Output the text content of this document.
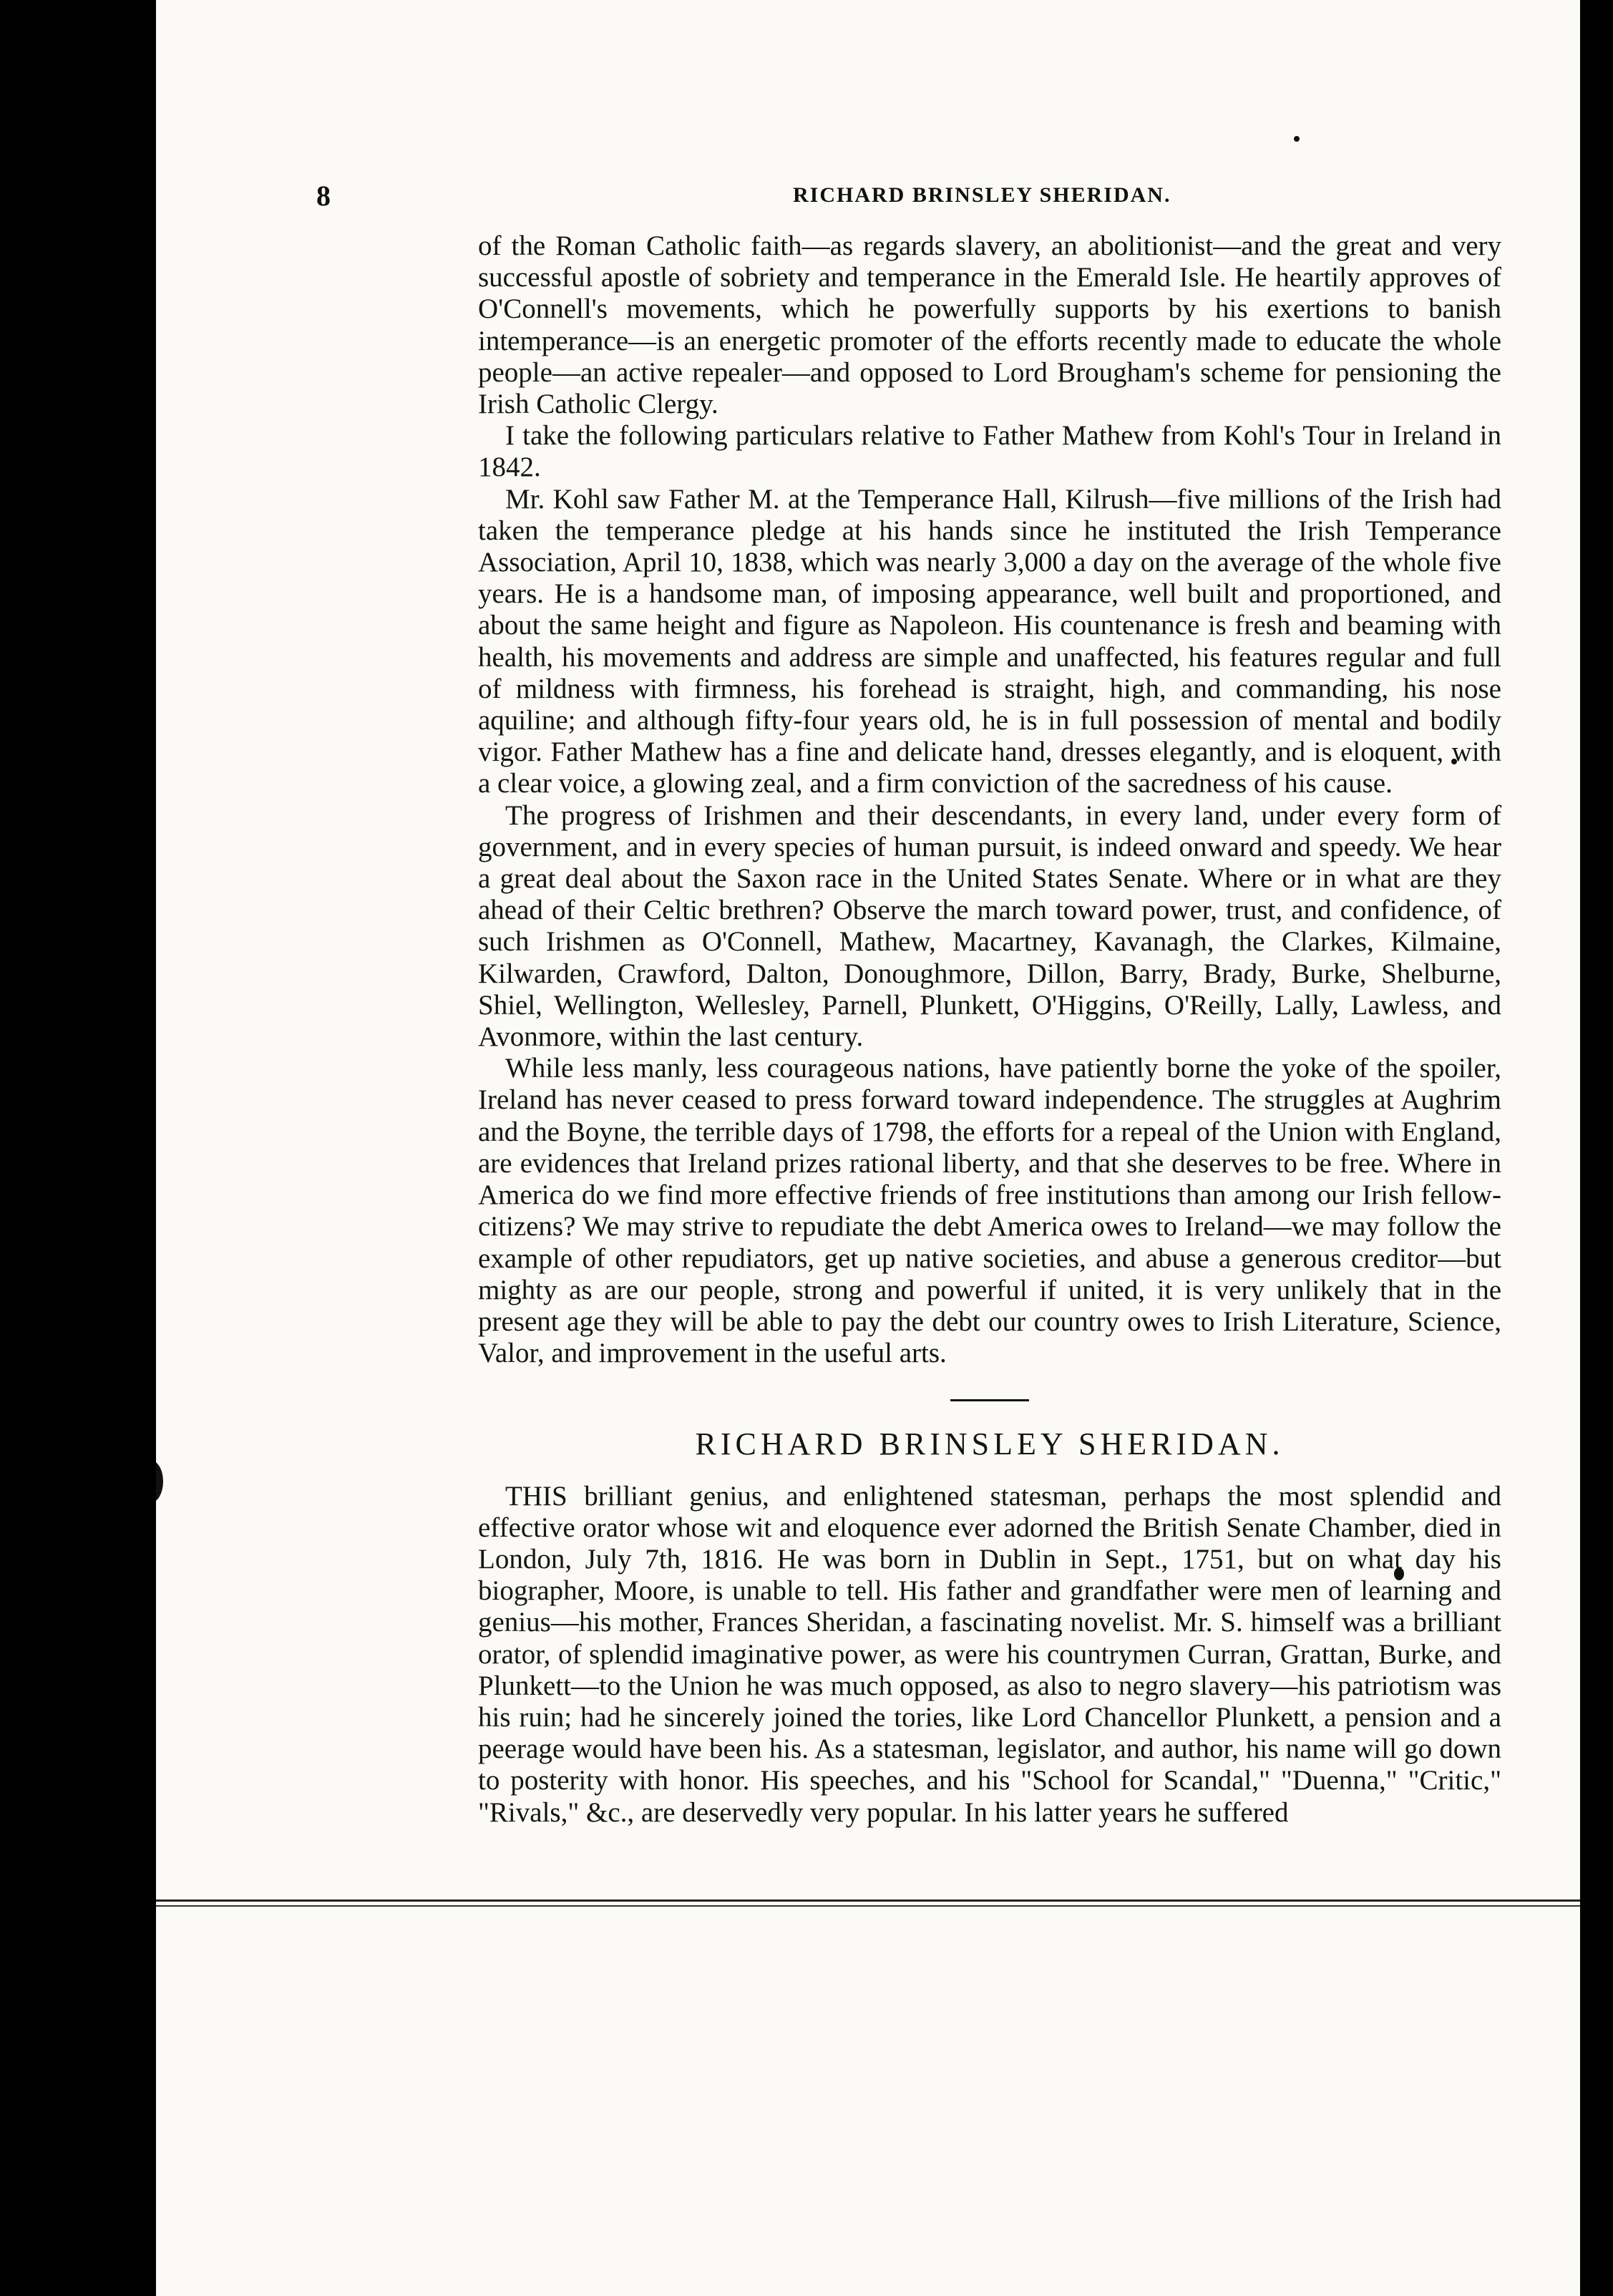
8	RICHARD BRINSLEY SHERIDAN.

of the Roman Catholic faith—as regards slavery, an abolitionist—and the great and very successful apostle of sobriety and temperance in the Emerald Isle. He heartily approves of O'Connell's movements, which he powerfully supports by his exertions to banish intemperance—is an energetic promoter of the efforts recently made to educate the whole people—an active repealer—and opposed to Lord Brougham's scheme for pensioning the Irish Catholic Clergy.

I take the following particulars relative to Father Mathew from Kohl's Tour in Ireland in 1842.

Mr. Kohl saw Father M. at the Temperance Hall, Kilrush—five millions of the Irish had taken the temperance pledge at his hands since he instituted the Irish Temperance Association, April 10, 1838, which was nearly 3,000 a day on the average of the whole five years. He is a handsome man, of imposing appearance, well built and proportioned, and about the same height and figure as Napoleon. His countenance is fresh and beaming with health, his movements and address are simple and unaffected, his features regular and full of mildness with firmness, his forehead is straight, high, and commanding, his nose aquiline; and although fifty-four years old, he is in full possession of mental and bodily vigor. Father Mathew has a fine and delicate hand, dresses elegantly, and is eloquent, with a clear voice, a glowing zeal, and a firm conviction of the sacredness of his cause.

The progress of Irishmen and their descendants, in every land, under every form of government, and in every species of human pursuit, is indeed onward and speedy. We hear a great deal about the Saxon race in the United States Senate. Where or in what are they ahead of their Celtic brethren? Observe the march toward power, trust, and confidence, of such Irishmen as O'Connell, Mathew, Macartney, Kavanagh, the Clarkes, Kilmaine, Kilwarden, Crawford, Dalton, Donoughmore, Dillon, Barry, Brady, Burke, Shelburne, Shiel, Wellington, Wellesley, Parnell, Plunkett, O'Higgins, O'Reilly, Lally, Lawless, and Avonmore, within the last century.

While less manly, less courageous nations, have patiently borne the yoke of the spoiler, Ireland has never ceased to press forward toward independence. The struggles at Aughrim and the Boyne, the terrible days of 1798, the efforts for a repeal of the Union with England, are evidences that Ireland prizes rational liberty, and that she deserves to be free. Where in America do we find more effective friends of free institutions than among our Irish fellow-citizens? We may strive to repudiate the debt America owes to Ireland—we may follow the example of other repudiators, get up native societies, and abuse a generous creditor—but mighty as are our people, strong and powerful if united, it is very unlikely that in the present age they will be able to pay the debt our country owes to Irish Literature, Science, Valor, and improvement in the useful arts.

RICHARD BRINSLEY SHERIDAN.

THIS brilliant genius, and enlightened statesman, perhaps the most splendid and effective orator whose wit and eloquence ever adorned the British Senate Chamber, died in London, July 7th, 1816. He was born in Dublin in Sept., 1751, but on what day his biographer, Moore, is unable to tell. His father and grandfather were men of learning and genius—his mother, Frances Sheridan, a fascinating novelist. Mr. S. himself was a brilliant orator, of splendid imaginative power, as were his countrymen Curran, Grattan, Burke, and Plunkett—to the Union he was much opposed, as also to negro slavery—his patriotism was his ruin; had he sincerely joined the tories, like Lord Chancellor Plunkett, a pension and a peerage would have been his. As a statesman, legislator, and author, his name will go down to posterity with honor. His speeches, and his "School for Scandal," "Duenna," "Critic," "Rivals," &c., are deservedly very popular. In his latter years he suffered
